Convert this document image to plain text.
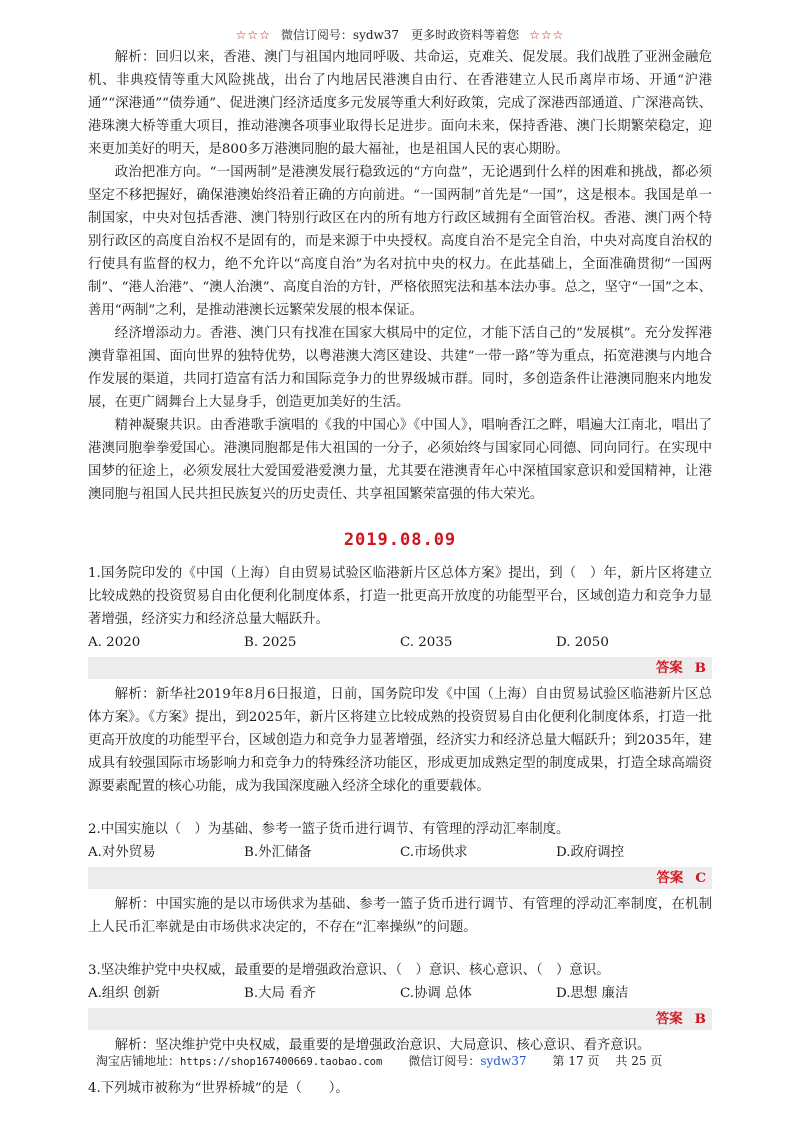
☆☆☆ 微信订阅号：sydw37　更多时政资料等着您 ☆☆☆

解析：回归以来，香港、澳门与祖国内地同呼吸、共命运，克难关、促发展。我们战胜了亚洲金融危机、非典疫情等重大风险挑战，出台了内地居民港澳自由行、在香港建立人民币离岸市场、开通“沪港通”“深港通”“债券通”、促进澳门经济适度多元发展等重大利好政策，完成了深港西部通道、广深港高铁、港珠澳大桥等重大项目，推动港澳各项事业取得长足进步。面向未来，保持香港、澳门长期繁荣稳定，迎来更加美好的明天，是800多万港澳同胞的最大福祉，也是祖国人民的衷心期盼。

政治把准方向。“一国两制”是港澳发展行稳致远的“方向盘”，无论遇到什么样的困难和挑战，都必须坚定不移把握好，确保港澳始终沿着正确的方向前进。“一国两制”首先是“一国”，这是根本。我国是单一制国家，中央对包括香港、澳门特别行政区在内的所有地方行政区域拥有全面管治权。香港、澳门两个特别行政区的高度自治权不是固有的，而是来源于中央授权。高度自治不是完全自治，中央对高度自治权的行使具有监督的权力，绝不允许以“高度自治”为名对抗中央的权力。在此基础上，全面准确贯彻“一国两制”、“港人治港”、“澳人治澳”、高度自治的方针，严格依照宪法和基本法办事。总之，坚守“一国”之本、善用“两制”之利，是推动港澳长远繁荣发展的根本保证。

经济增添动力。香港、澳门只有找准在国家大棋局中的定位，才能下活自己的“发展棋”。充分发挥港澳背靠祖国、面向世界的独特优势，以粤港澳大湾区建设、共建“一带一路”等为重点，拓宽港澳与内地合作发展的渠道，共同打造富有活力和国际竞争力的世界级城市群。同时，多创造条件让港澳同胞来内地发展，在更广阔舞台上大显身手，创造更加美好的生活。

精神凝聚共识。由香港歌手演唱的《我的中国心》《中国人》，唱响香江之畔，唱遍大江南北，唱出了港澳同胞拳拳爱国心。港澳同胞都是伟大祖国的一分子，必须始终与国家同心同德、同向同行。在实现中国梦的征途上，必须发展壮大爱国爱港爱澳力量，尤其要在港澳青年心中深植国家意识和爱国精神，让港澳同胞与祖国人民共担民族复兴的历史责任、共享祖国繁荣富强的伟大荣光。

2019.08.09

1.国务院印发的《中国（上海）自由贸易试验区临港新片区总体方案》提出，到（　）年，新片区将建立比较成熟的投资贸易自由化便利化制度体系，打造一批更高开放度的功能型平台，区域创造力和竞争力显著增强，经济实力和经济总量大幅跃升。

A. 2020	B. 2025	C. 2035	D. 2050
答案 B

解析：新华社2019年8月6日报道，日前，国务院印发《中国（上海）自由贸易试验区临港新片区总体方案》。《方案》提出，到2025年，新片区将建立比较成熟的投资贸易自由化便利化制度体系，打造一批更高开放度的功能型平台，区域创造力和竞争力显著增强，经济实力和经济总量大幅跃升；到2035年，建成具有较强国际市场影响力和竞争力的特殊经济功能区，形成更加成熟定型的制度成果，打造全球高端资源要素配置的核心功能，成为我国深度融入经济全球化的重要载体。

2.中国实施以（　）为基础、参考一篮子货币进行调节、有管理的浮动汇率制度。

A.对外贸易	B.外汇储备	C.市场供求	D.政府调控
答案 C

解析：中国实施的是以市场供求为基础、参考一篮子货币进行调节、有管理的浮动汇率制度，在机制上人民币汇率就是由市场供求决定的，不存在“汇率操纵”的问题。

3.坚决维护党中央权威，最重要的是增强政治意识、（　）意识、核心意识、（　）意识。

A.组织 创新	B.大局 看齐	C.协调 总体	D.思想 廉洁
答案 B

解析：坚决维护党中央权威，最重要的是增强政治意识、大局意识、核心意识、看齐意识。

4.下列城市被称为“世界桥城”的是（　　）。

淘宝店铺地址：https://shop167400669.taobao.com 微信订阅号：sydw37 第 17 页 共 25 页
